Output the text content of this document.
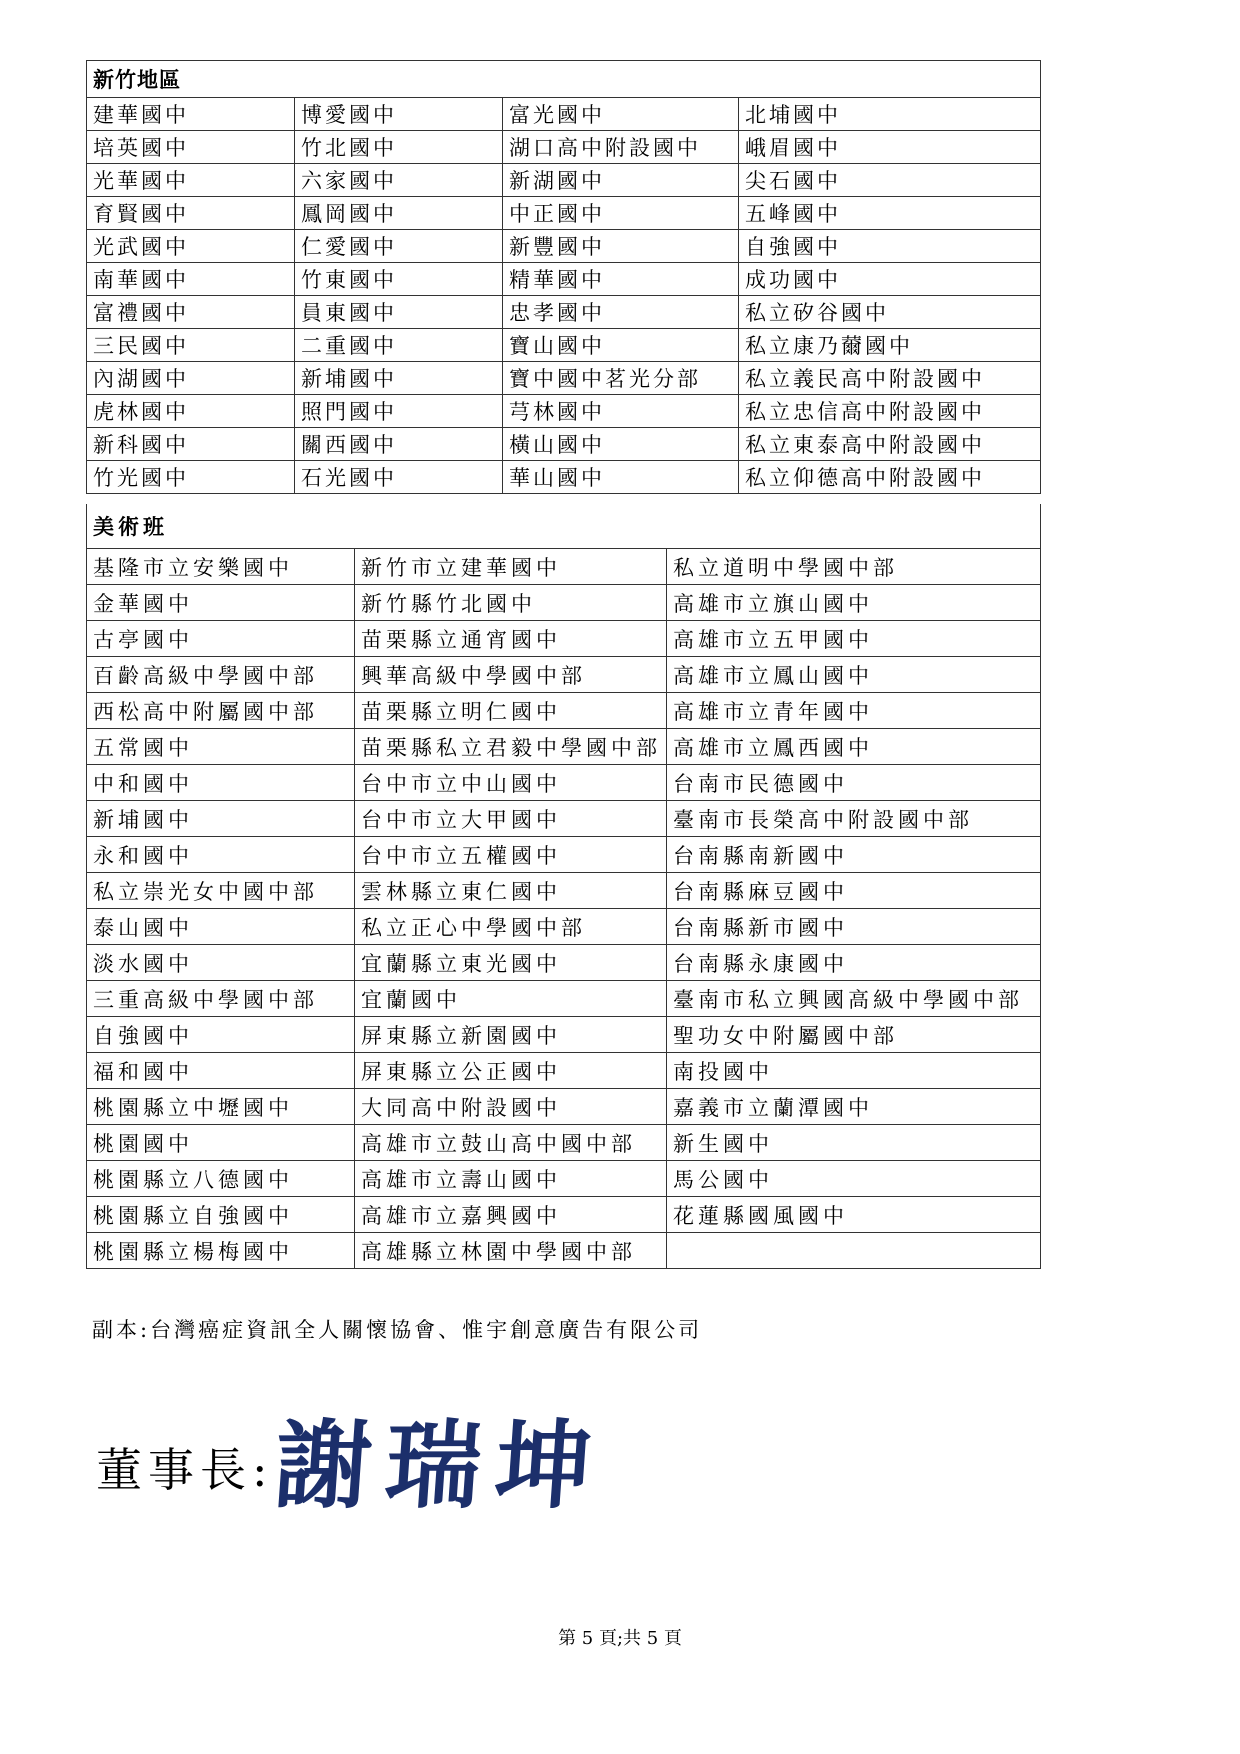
新竹地區			
建華國中	博愛國中	富光國中	北埔國中
培英國中	竹北國中	湖口高中附設國中	峨眉國中
光華國中	六家國中	新湖國中	尖石國中
育賢國中	鳳岡國中	中正國中	五峰國中
光武國中	仁愛國中	新豐國中	自強國中
南華國中	竹東國中	精華國中	成功國中
富禮國中	員東國中	忠孝國中	私立矽谷國中
三民國中	二重國中	寶山國中	私立康乃薾國中
內湖國中	新埔國中	寶中國中茗光分部	私立義民高中附設國中
虎林國中	照門國中	芎林國中	私立忠信高中附設國中
新科國中	關西國中	橫山國中	私立東泰高中附設國中
竹光國中	石光國中	華山國中	私立仰德高中附設國中
美術班		
基隆市立安樂國中	新竹市立建華國中	私立道明中學國中部
金華國中	新竹縣竹北國中	高雄市立旗山國中
古亭國中	苗栗縣立通宵國中	高雄市立五甲國中
百齡高級中學國中部	興華高級中學國中部	高雄市立鳳山國中
西松高中附屬國中部	苗栗縣立明仁國中	高雄市立青年國中
五常國中	苗栗縣私立君毅中學國中部	高雄市立鳳西國中
中和國中	台中市立中山國中	台南市民德國中
新埔國中	台中市立大甲國中	臺南市長榮高中附設國中部
永和國中	台中市立五權國中	台南縣南新國中
私立崇光女中國中部	雲林縣立東仁國中	台南縣麻豆國中
泰山國中	私立正心中學國中部	台南縣新市國中
淡水國中	宜蘭縣立東光國中	台南縣永康國中
三重高級中學國中部	宜蘭國中	臺南市私立興國高級中學國中部
自強國中	屏東縣立新園國中	聖功女中附屬國中部
福和國中	屏東縣立公正國中	南投國中
桃園縣立中壢國中	大同高中附設國中	嘉義市立蘭潭國中
桃園國中	高雄市立鼓山高中國中部	新生國中
桃園縣立八德國中	高雄市立壽山國中	馬公國中
桃園縣立自強國中	高雄市立嘉興國中	花蓮縣國風國中
桃園縣立楊梅國中	高雄縣立林園中學國中部	
副本:台灣癌症資訊全人關懷協會、惟宇創意廣告有限公司
董事長:
謝瑞坤
第 5 頁;共 5 頁
